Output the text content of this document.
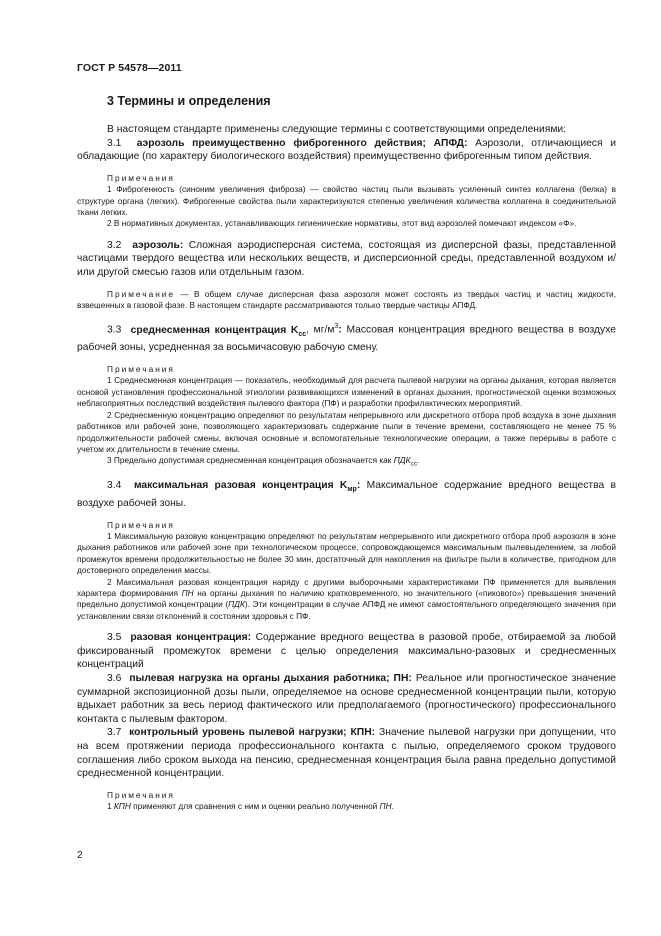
ГОСТ Р 54578—2011
3 Термины и определения

В настоящем стандарте применены следующие термины с соответствующими определениями:

3.1 аэрозоль преимущественно фиброгенного действия; АПФД: Аэрозоли, отличающиеся и обладающие (по характеру биологического воздействия) преимущественно фиброгенным типом действия.

Примечания

1 Фиброгенность (синоним увеличения фиброза) — свойство частиц пыли вызывать усиленный синтез коллагена (белка) в структуре органа (легких). Фиброгенные свойства пыли характеризуются степенью увеличения количества коллагена в соединительной ткани легких.

2 В нормативных документах, устанавливающих гигиенические нормативы, этот вид аэрозолей помечают индексом «Ф».

3.2 аэрозоль: Сложная аэродисперсная система, состоящая из дисперсной фазы, представленной частицами твердого вещества или нескольких веществ, и дисперсионной среды, представленной воздухом и/или другой смесью газов или отдельным газом.

Примечание — В общем случае дисперсная фаза аэрозоля может состоять из твердых частиц и частиц жидкости, взвешенных в газовой фазе. В настоящем стандарте рассматриваются только твердые частицы АПФД.

3.3 среднесменная концентрация $K_{сс}$, $мг/м^3$: Массовая концентрация вредного вещества в воздухе рабочей зоны, усредненная за восьмичасовую рабочую смену.

Примечания

1 Среднесменная концентрация — показатель, необходимый для расчета пылевой нагрузки на органы дыхания, которая является основой установления профессиональной этиологии развивающихся изменений в органах дыхания, прогностической оценки возможных неблагоприятных последствий воздействия пылевого фактора (ПФ) и разработки профилактических мероприятий.

2 Среднесменную концентрацию определяют по результатам непрерывного или дискретного отбора проб воздуха в зоне дыхания работников или рабочей зоне, позволяющего характеризовать содержание пыли в течение времени, составляющего не менее 75 % продолжительности рабочей смены, включая основные и вспомогательные технологические операции, а также перерывы в работе с учетом их длительности в течение смены.

3 Предельно допустимая среднесменная концентрация обозначается как $ПДК_{сс}$.

3.4 максимальная разовая концентрация $K_{мр}$: Максимальное содержание вредного вещества в воздухе рабочей зоны.

Примечания

1 Максимальную разовую концентрацию определяют по результатам непрерывного или дискретного отбора проб аэрозоля в зоне дыхания работников или рабочей зоне при технологическом процессе, сопровождающемся максимальным пылевыделением, за любой промежуток времени продолжительностью не более 30 мин, достаточный для накопления на фильтре пыли в количестве, пригодном для достоверного определения массы.

2 Максимальная разовая концентрация наряду с другими выборочными характеристиками ПФ применяется для выявления характера формирования ПН на органы дыхания по наличию кратковременного, но значительного («пикового») превышения значений предельно допустимой концентрации (ПДК). Эти концентрации в случае АПФД не имеют самостоятельного определяющего значения при установлении связи отклонений в состоянии здоровья с ПФ.

3.5 разовая концентрация: Содержание вредного вещества в разовой пробе, отбираемой за любой фиксированный промежуток времени с целью определения максимально-разовых и среднесменных концентраций

3.6 пылевая нагрузка на органы дыхания работника; ПН: Реальное или прогностическое значение суммарной экспозиционной дозы пыли, определяемое на основе среднесменной концентрации пыли, которую вдыхает работник за весь период фактического или предполагаемого (прогностического) профессионального контакта с пылевым фактором.

3.7 контрольный уровень пылевой нагрузки; КПН: Значение пылевой нагрузки при допущении, что на всем протяжении периода профессионального контакта с пылью, определяемого сроком трудового соглашения либо сроком выхода на пенсию, среднесменная концентрация была равна предельно допустимой среднесменной концентрации.

Примечания

1 КПН применяют для сравнения с ним и оценки реально полученной ПН.

2
